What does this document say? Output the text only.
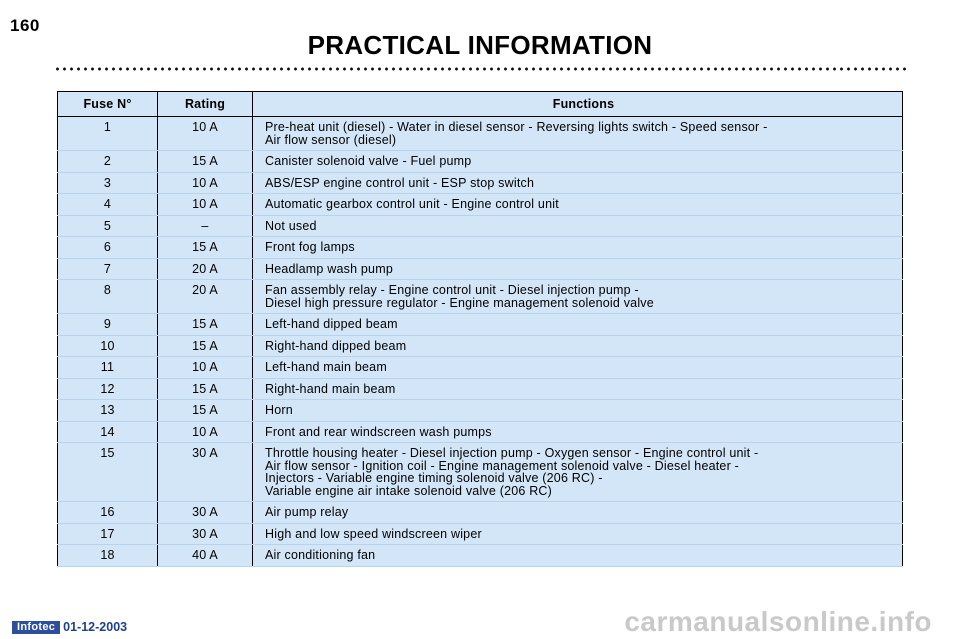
160
PRACTICAL INFORMATION
Fuse N°	Rating	Functions
1	10 A	Pre-heat unit (diesel) - Water in diesel sensor - Reversing lights switch - Speed sensor -
Air flow sensor (diesel)
2	15 A	Canister solenoid valve - Fuel pump
3	10 A	ABS/ESP engine control unit - ESP stop switch
4	10 A	Automatic gearbox control unit - Engine control unit
5	–	Not used
6	15 A	Front fog lamps
7	20 A	Headlamp wash pump
8	20 A	Fan assembly relay - Engine control unit - Diesel injection pump -
Diesel high pressure regulator - Engine management solenoid valve
9	15 A	Left-hand dipped beam
10	15 A	Right-hand dipped beam
11	10 A	Left-hand main beam
12	15 A	Right-hand main beam
13	15 A	Horn
14	10 A	Front and rear windscreen wash pumps
15	30 A	Throttle housing heater - Diesel injection pump - Oxygen sensor - Engine control unit -
Air flow sensor - Ignition coil - Engine management solenoid valve - Diesel heater -
Injectors - Variable engine timing solenoid valve (206 RC) -
Variable engine air intake solenoid valve (206 RC)
16	30 A	Air pump relay
17	30 A	High and low speed windscreen wiper
18	40 A	Air conditioning fan
Infotec 01-12-2003	carmanualsonline.info
